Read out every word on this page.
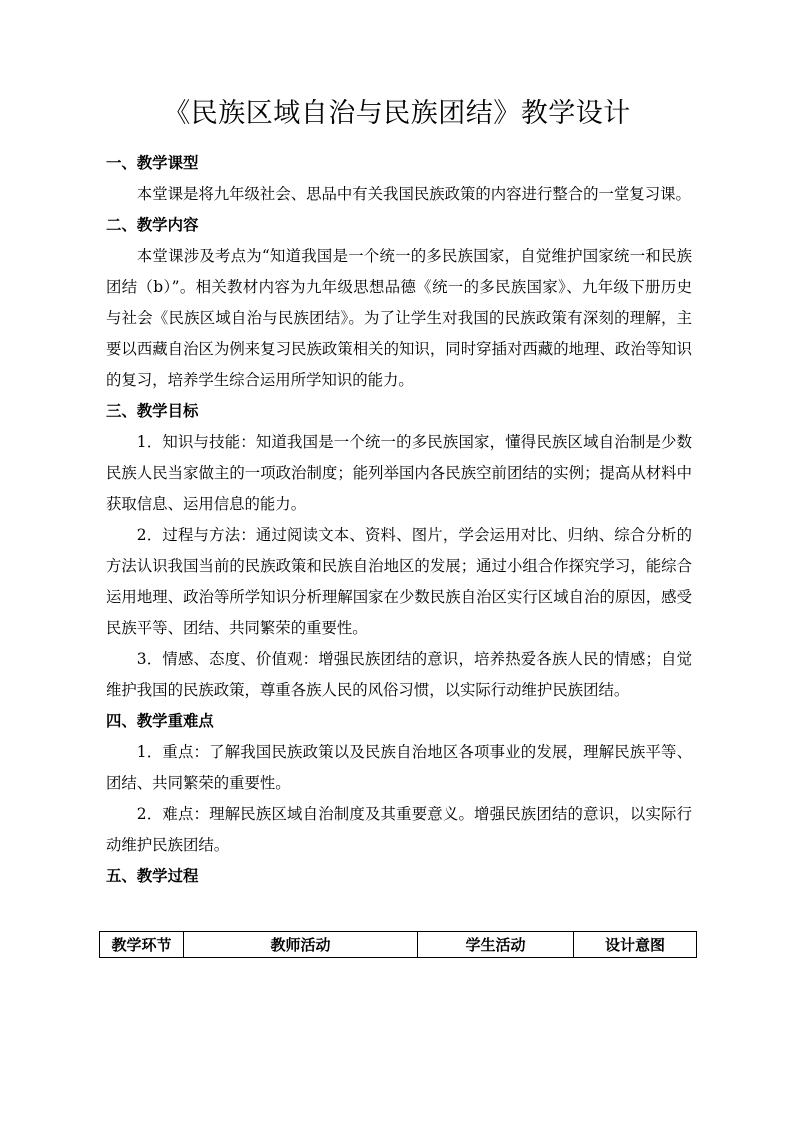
《民族区域自治与民族团结》教学设计

一、教学课型

本堂课是将九年级社会、思品中有关我国民族政策的内容进行整合的一堂复习课。

二、教学内容

本堂课涉及考点为“知道我国是一个统一的多民族国家，自觉维护国家统一和民族团结（b）”。相关教材内容为九年级思想品德《统一的多民族国家》、九年级下册历史与社会《民族区域自治与民族团结》。为了让学生对我国的民族政策有深刻的理解，主要以西藏自治区为例来复习民族政策相关的知识，同时穿插对西藏的地理、政治等知识的复习，培养学生综合运用所学知识的能力。

三、教学目标

1．知识与技能：知道我国是一个统一的多民族国家，懂得民族区域自治制是少数民族人民当家做主的一项政治制度；能列举国内各民族空前团结的实例；提高从材料中获取信息、运用信息的能力。

2．过程与方法：通过阅读文本、资料、图片，学会运用对比、归纳、综合分析的方法认识我国当前的民族政策和民族自治地区的发展；通过小组合作探究学习，能综合运用地理、政治等所学知识分析理解国家在少数民族自治区实行区域自治的原因，感受民族平等、团结、共同繁荣的重要性。

3．情感、态度、价值观：增强民族团结的意识，培养热爱各族人民的情感；自觉维护我国的民族政策，尊重各族人民的风俗习惯，以实际行动维护民族团结。

四、教学重难点

1．重点：了解我国民族政策以及民族自治地区各项事业的发展，理解民族平等、团结、共同繁荣的重要性。

2．难点：理解民族区域自治制度及其重要意义。增强民族团结的意识，以实际行动维护民族团结。

五、教学过程

教学环节	教师活动	学生活动	设计意图
